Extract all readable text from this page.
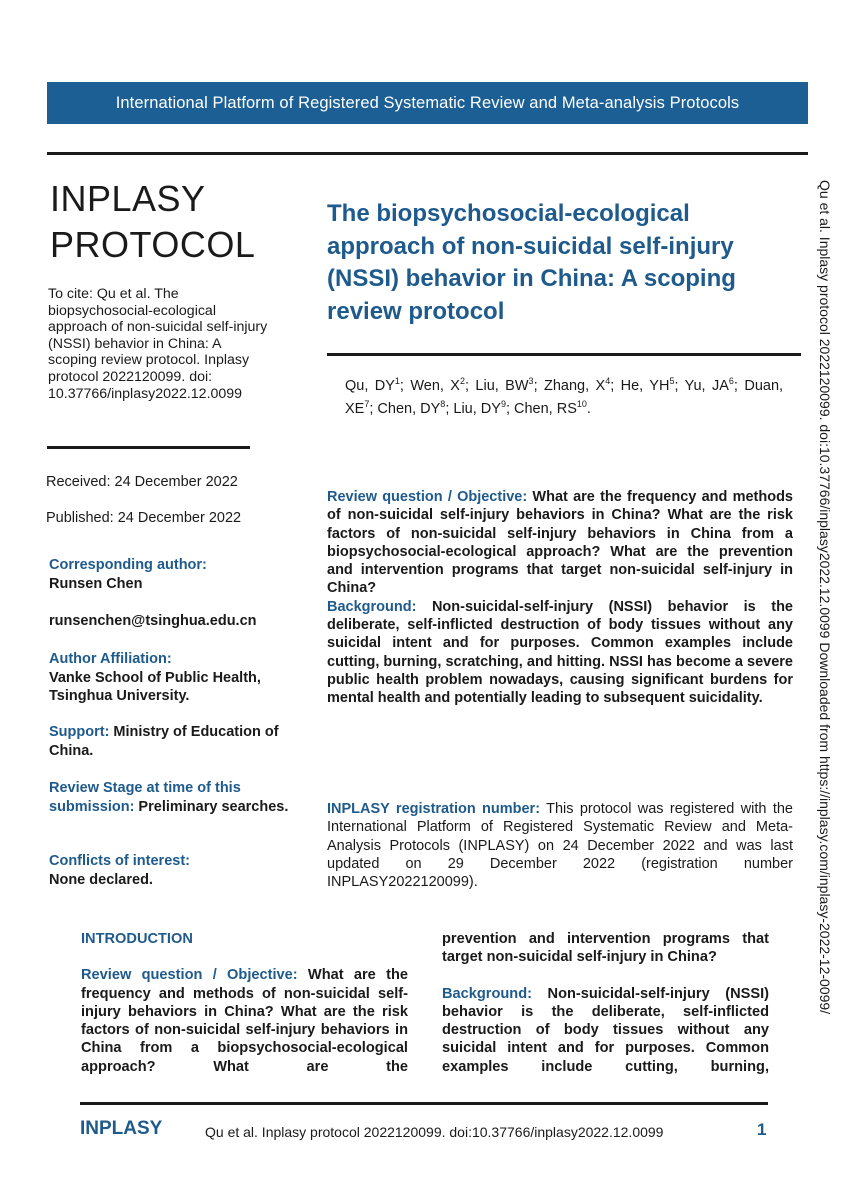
International Platform of Registered Systematic Review and Meta-analysis Protocols
INPLASY
PROTOCOL
To cite: Qu et al. The biopsychosocial-ecological approach of non-suicidal self-injury (NSSI) behavior in China: A scoping review protocol. Inplasy protocol 2022120099. doi: 10.37766/inplasy2022.12.0099
Received: 24 December 2022
Published: 24 December 2022
Corresponding author:
Runsen Chen
runsenchen@tsinghua.edu.cn
Author Affiliation:
Vanke School of Public Health, Tsinghua University.
Support: Ministry of Education of China.
Review Stage at time of this submission: Preliminary searches.
Conflicts of interest:
None declared.
The biopsychosocial-ecological approach of non-suicidal self-injury (NSSI) behavior in China: A scoping review protocol
Qu, $DY^1$; Wen, $X^2$; Liu, $BW^3$; Zhang, $X^4$; He, $YH^5$; Yu, $JA^6$; Duan, $XE^7$; Chen, $DY^8$; Liu, $DY^9$; Chen, RS$^{10}$.

Review question / Objective: What are the frequency and methods of non-suicidal self-injury behaviors in China? What are the risk factors of non-suicidal self-injury behaviors in China from a biopsychosocial-ecological approach? What are the prevention and intervention programs that target non-suicidal self-injury in China?

Background: Non-suicidal-self-injury (NSSI) behavior is the deliberate, self-inflicted destruction of body tissues without any suicidal intent and for purposes. Common examples include cutting, burning, scratching, and hitting. NSSI has become a severe public health problem nowadays, causing significant burdens for mental health and potentially leading to subsequent suicidality.

INPLASY registration number: This protocol was registered with the International Platform of Registered Systematic Review and Meta-Analysis Protocols (INPLASY) on 24 December 2022 and was last updated on 29 December 2022 (registration number INPLASY2022120099).

INTRODUCTION

Review question / Objective: What are the frequency and methods of non-suicidal self-injury behaviors in China? What are the risk factors of non-suicidal self-injury behaviors in China from a biopsychosocial-ecological approach? What are the

prevention and intervention programs that target non-suicidal self-injury in China?

Background: Non-suicidal-self-injury (NSSI) behavior is the deliberate, self-inflicted destruction of body tissues without any suicidal intent and for purposes. Common examples include cutting, burning,

Qu et al. Inplasy protocol 2022120099. doi:10.37766/inplasy2022.12.0099 Downloaded from https://inplasy.com/inplasy-2022-12-0099/
INPLASY	Qu et al. Inplasy protocol 2022120099. doi:10.37766/inplasy2022.12.0099	1
